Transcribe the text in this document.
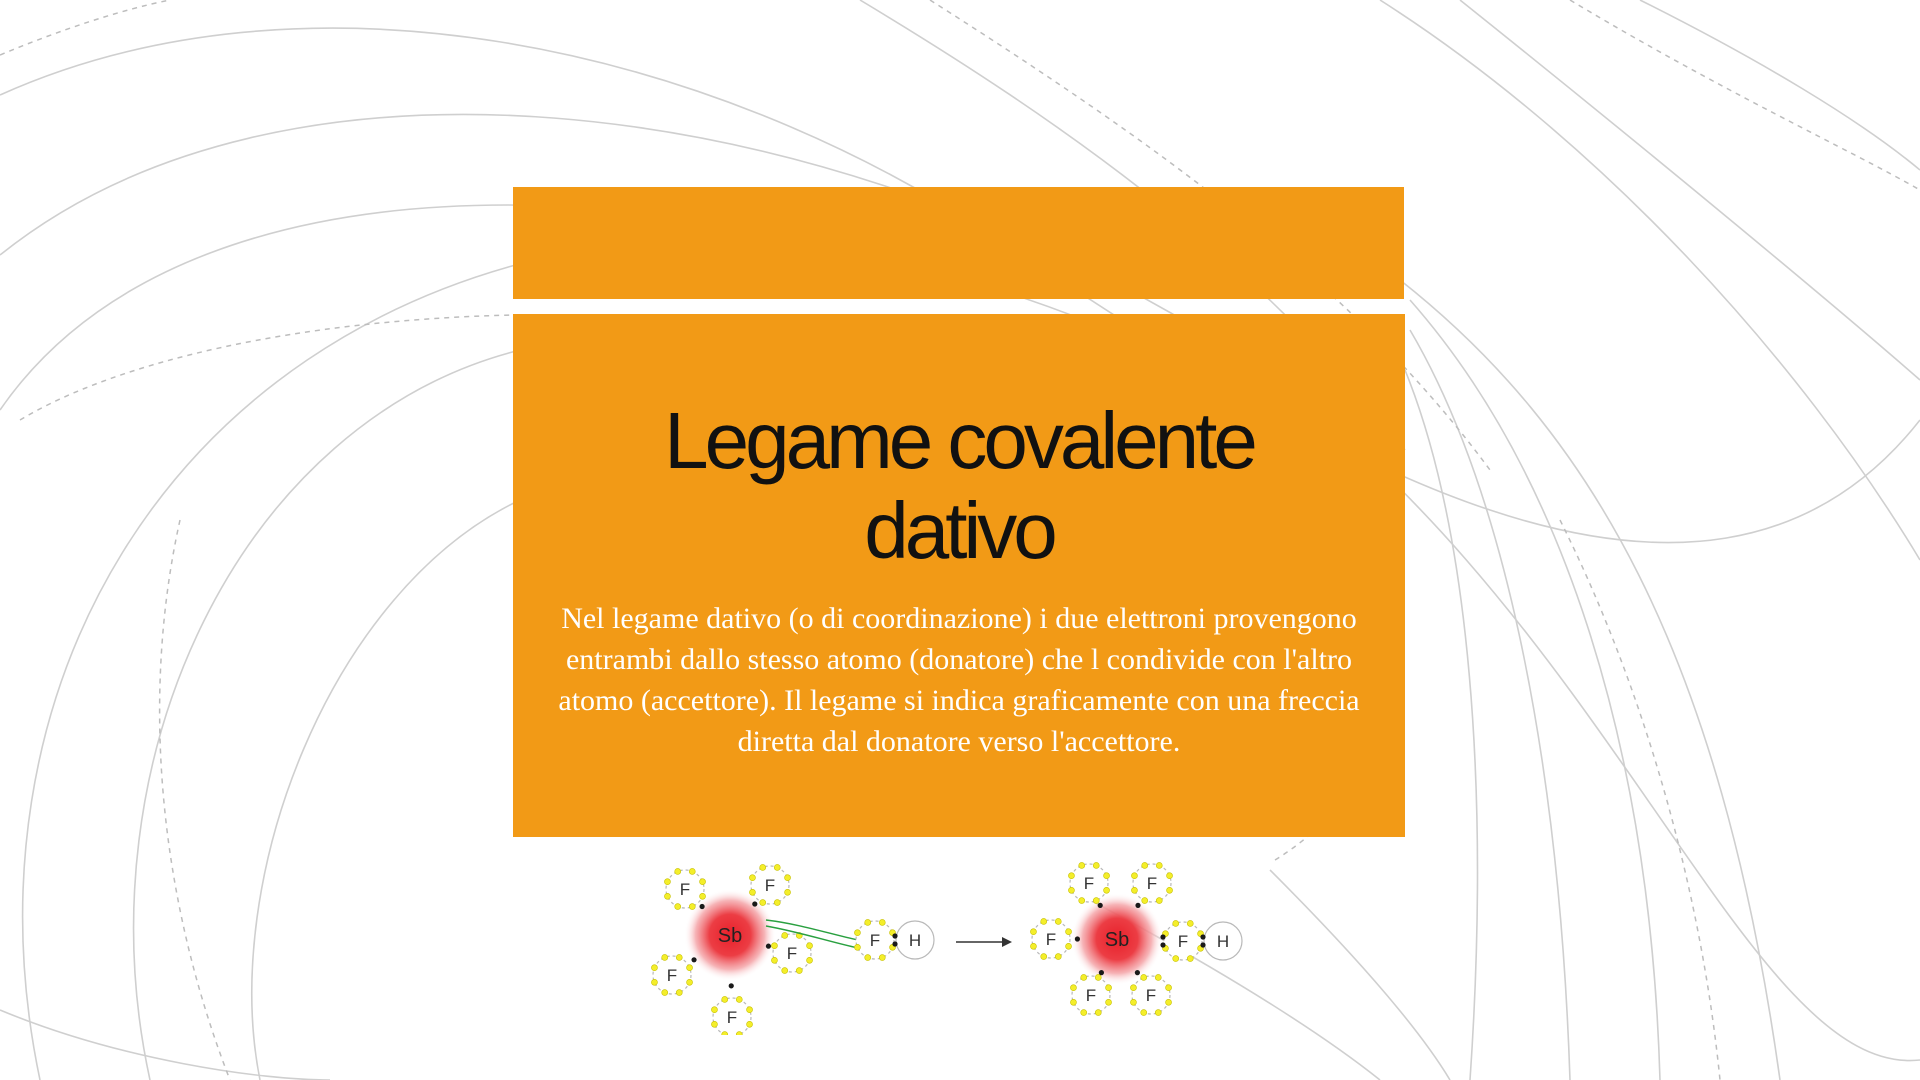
Legame covalente
dativo

Nel legame dativo (o di coordinazione) i due elettroni provengono entrambi dallo stesso atomo (donatore) che l condivide con l'altro atomo (accettore). Il legame si indica graficamente con una freccia diretta dal donatore verso l'accettore.

Sb
F	F
F
F
F
F H	Sb
F	F
F
F	F
F H
